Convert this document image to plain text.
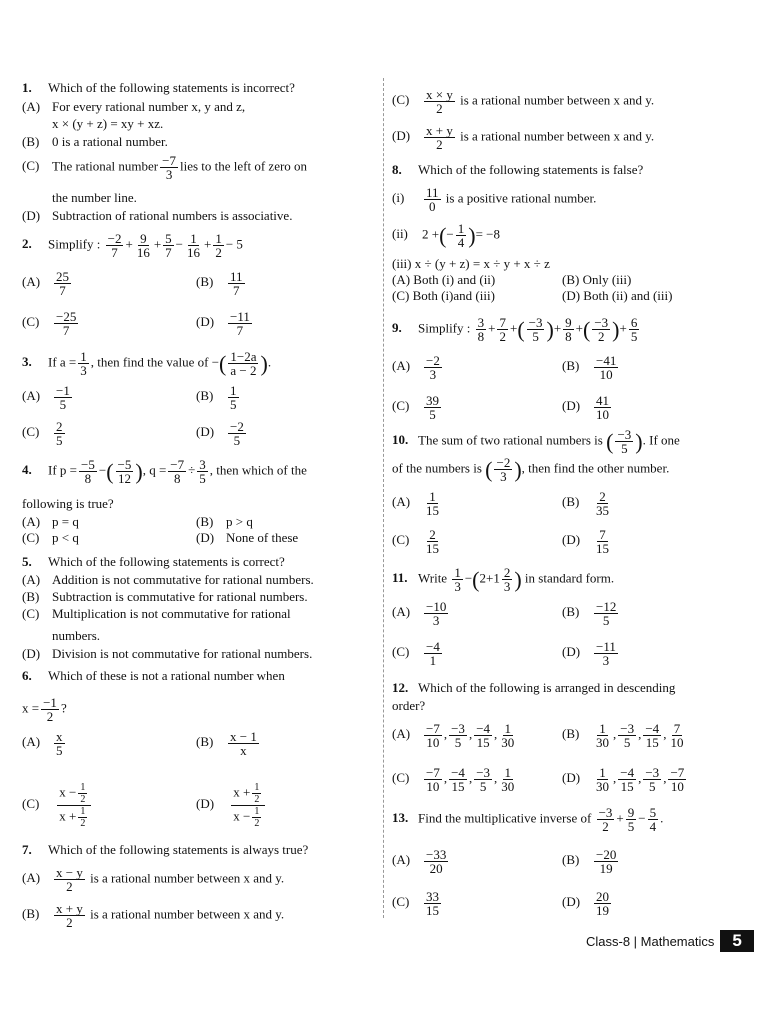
1. Which of the following statements is incorrect?
(A) For every rational number x, y and z,
x × (y + z) = xy + xz.
(B) 0 is a rational number.
(C) The rational number $\frac{-7}{3}$ lies to the left of zero on
the number line.
(D) Subtraction of rational numbers is associative.
2. Simplify : $\frac{-2}{7} + \frac{9}{16} + \frac{5}{7} - \frac{1}{16} + \frac{1}{2} - 5$
$(A) \frac{25}{7}$	$(B) \frac{11}{7}$
$(C) \frac{-25}{7}$	$(D) \frac{-11}{7}$
3. If $a = \frac{1}{3}$ , then find the value of −( $\frac{1-2a}{a - 2}$ ).
$(A) \frac{-1}{5}$	$(B) \frac{1}{5}$
$(C) \frac{2}{5}$	$(D) \frac{-2}{5}$
4. If $p = \frac{-5}{8}$ −( $\frac{-5}{12}$ ), $q = \frac{-7}{8} \div \frac{3}{5}$ , then which of the
following is true?
(A) p = q	(B) p > q
(C) p < q	(D) None of these
5. Which of the following statements is correct?
(A) Addition is not commutative for rational numbers.
(B) Subtraction is commutative for rational numbers.
(C) Multiplication is not commutative for rational
numbers.
(D) Division is not commutative for rational numbers.
6. Which of these is not a rational number when
$x = \frac{-1}{2}$ ?
$(A) \frac{x}{5}$	$(B) \frac{x - 1}{x}$
$(C) \frac{x - \frac{1}{2}}{x + \frac{1}{2}}$	$(D) \frac{x + \frac{1}{2}}{x - \frac{1}{2}}$
7. Which of the following statements is always true?
$(A) \frac{x - y}{2}$ is a rational number between x and y.
$(B) \frac{x + y}{2}$ is a rational number between x and y.
$(C) \frac{x \times y}{2}$ is a rational number between x and y.
$(D) \frac{x + y}{2}$ is a rational number between x and y.
8. Which of the following statements is false?
$(i) \frac{11}{0}$ is a positive rational number.
(ii) 2 +(− $\frac{1}{4}$ )= −8
(iii) x ÷ (y + z) = x ÷ y + x ÷ z
(A) Both (i) and (ii)	(B) Only (iii)
(C) Both (i)and (iii)	(D) Both (ii) and (iii)
9. Simplify : $\frac{3}{8} + \frac{7}{2}$ +( $\frac{-3}{5}$ )+ $\frac{9}{8}$ +( $\frac{-3}{2}$ )+ $\frac{6}{5}$
$(A) \frac{-2}{3}$	$(B) \frac{-41}{10}$
$(C) \frac{39}{5}$	$(D) \frac{41}{10}$
10. The sum of two rational numbers is ( $\frac{-3}{5}$ ). If one
of the numbers is ( $\frac{-2}{3}$ ), then find the other number.
$(A) \frac{1}{15}$	$(B) \frac{2}{35}$
$(C) \frac{2}{15}$	$(D) \frac{7}{15}$
11. Write $\frac{1}{3} -(2+1 \frac{2}{3}$ ) in standard form.
$(A) \frac{-10}{3}$	$(B) \frac{-12}{5}$
$(C) \frac{-4}{1}$	$(D) \frac{-11}{3}$
12. Which of the following is arranged in descending
order?
$(A) \frac{-7}{10}$ , $\frac{-3}{5}$ , $\frac{-4}{15}$ , $\frac{1}{30}$	$(B) \frac{1}{30}$ , $\frac{-3}{5}$ , $\frac{-4}{15}$ , $\frac{7}{10}$
$(C) \frac{-7}{10}$ , $\frac{-4}{15}$ , $\frac{-3}{5}$ , $\frac{1}{30}$	$(D) \frac{1}{30}$ , $\frac{-4}{15}$ , $\frac{-3}{5}$ , $\frac{-7}{10}$
13. Find the multiplicative inverse of $\frac{-3}{2} + \frac{9}{5} - \frac{5}{4}$ .
$(A) \frac{-33}{20}$	$(B) \frac{-20}{19}$
$(C) \frac{33}{15}$	$(D) \frac{20}{19}$
Class-8 | Mathematics 5
